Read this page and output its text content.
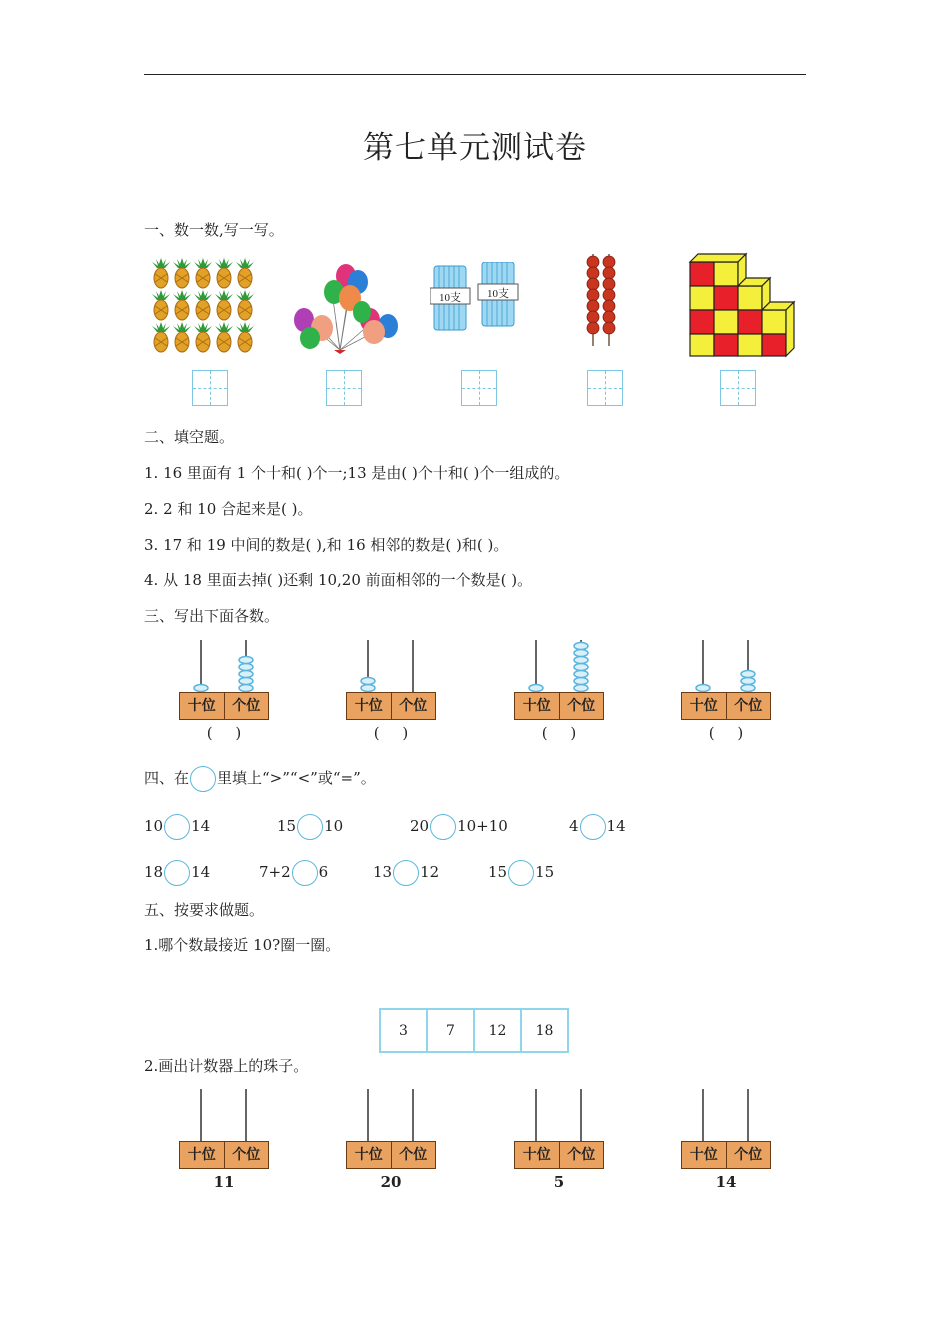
第七单元测试卷
一、数一数,写一写。
10支 10支
二、填空题。
1. 16 里面有 1 个十和( )个一;13 是由( )个十和( )个一组成的。
2. 2 和 10 合起来是( )。
3. 17 和 19 中间的数是( ),和 16 相邻的数是( )和( )。
4. 从 18 里面去掉( )还剩 10,20 前面相邻的一个数是( )。
三、写出下面各数。
十位	个位
( )
十位	个位
( )
十位	个位
( )
十位	个位
( )
四、在 里填上“>”“<”或“=”。
10 14	15 10	20 10+10	4 14
18 14	7+2 6	13 12	15 15
五、按要求做题。
1.哪个数最接近 10?圈一圈。
3	7	12	18
2.画出计数器上的珠子。
十位	个位
11
十位	个位
20
十位	个位
5
十位	个位
14
